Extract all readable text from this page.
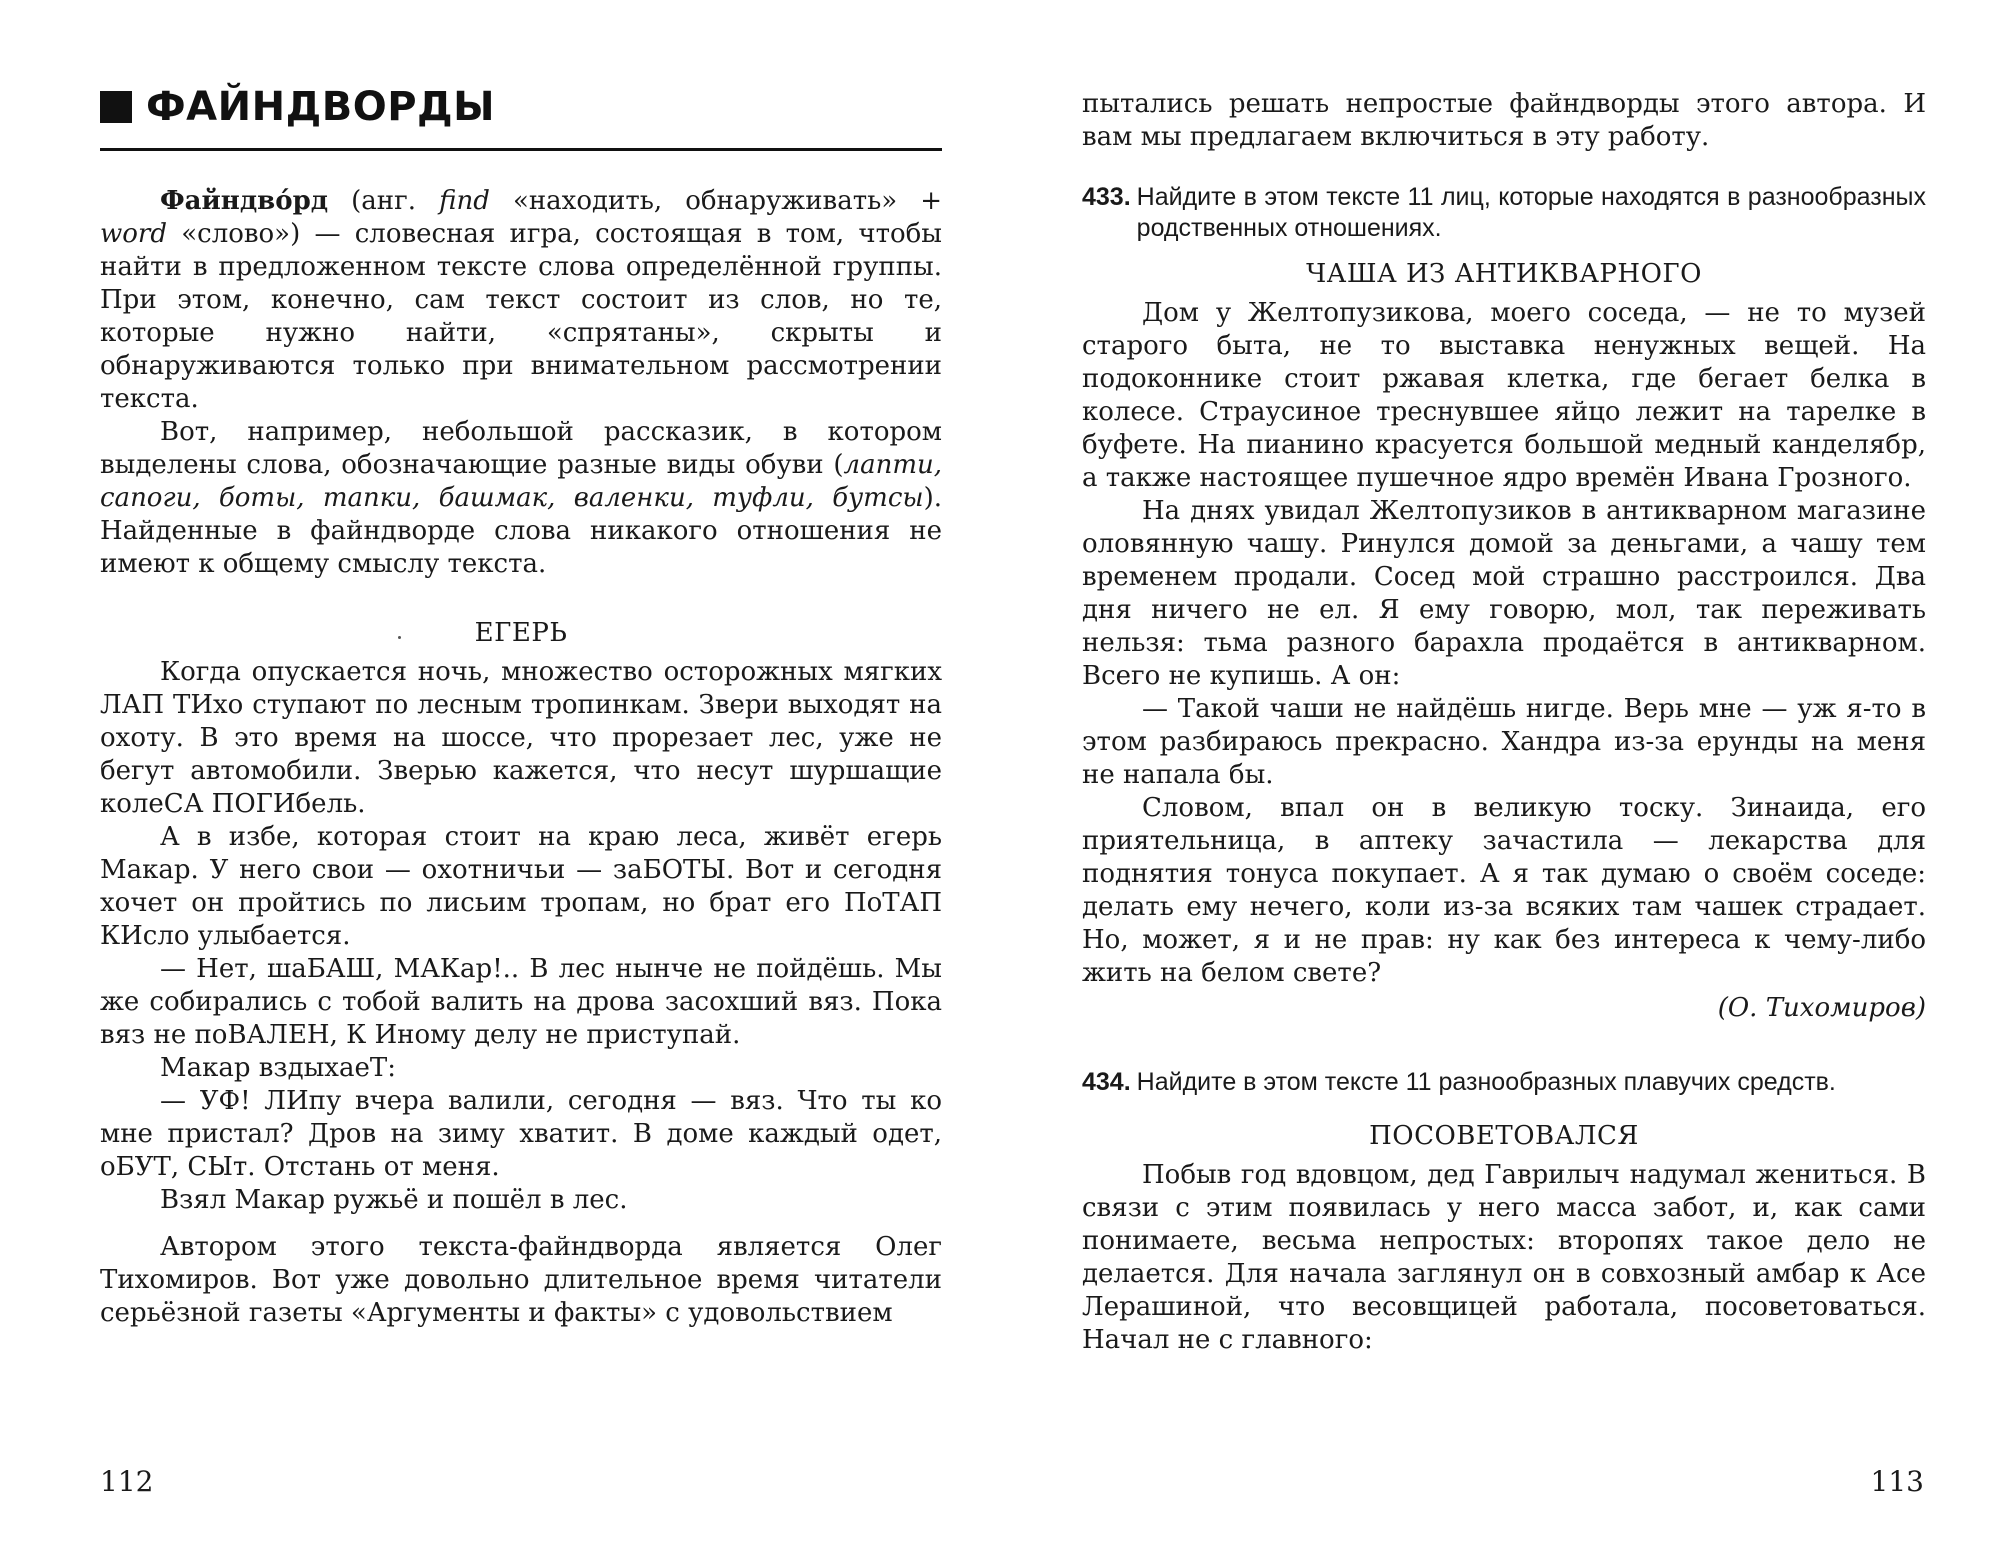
ФАЙНДВОРДЫ

Файндво́рд (анг. find «находить, обнаруживать» + word «слово») — словесная игра, состоящая в том, чтобы найти в предложенном тексте слова определённой группы. При этом, конечно, сам текст состоит из слов, но те, которые нужно найти, «спрятаны», скрыты и обнаруживаются только при внимательном рассмотрении текста.

Вот, например, небольшой рассказик, в котором выделены слова, обозначающие разные виды обуви (лапти, сапоги, боты, тапки, башмак, валенки, туфли, бутсы). Найденные в файндворде слова никакого отношения не имеют к общему смыслу текста.

ЕГЕРЬ

Когда опускается ночь, множество осторожных мягких ЛАП ТИхо ступают по лесным тропинкам. Звери выходят на охоту. В это время на шоссе, что прорезает лес, уже не бегут автомобили. Зверью кажется, что несут шуршащие колеСА ПОГИбель.

А в избе, которая стоит на краю леса, живёт егерь Макар. У него свои — охотничьи — заБОТЫ. Вот и сегодня хочет он пройтись по лисьим тропам, но брат его ПоТАП КИсло улыбается.

— Нет, шаБАШ, МАКар!.. В лес нынче не пойдёшь. Мы же собирались с тобой валить на дрова засохший вяз. Пока вяз не поВАЛЕН, К Иному делу не приступай.

Макар вздыхаеТ:

— УФ! ЛИпу вчера валили, сегодня — вяз. Что ты ко мне пристал? Дров на зиму хватит. В доме каждый одет, оБУТ, СЫт. Отстань от меня.

Взял Макар ружьё и пошёл в лес.

Автором этого текста-файндворда является Олег Тихомиров. Вот уже довольно длительное время читатели серьёзной газеты «Аргументы и факты» с удовольствием

112

пытались решать непростые файндворды этого автора. И вам мы предлагаем включиться в эту работу.

433. Найдите в этом тексте 11 лиц, которые находятся в разнообразных родственных отношениях.
ЧАША ИЗ АНТИКВАРНОГО

Дом у Желтопузикова, моего соседа, — не то музей старого быта, не то выставка ненужных вещей. На подоконнике стоит ржавая клетка, где бегает белка в колесе. Страусиное треснувшее яйцо лежит на тарелке в буфете. На пианино красуется большой медный канделябр, а также настоящее пушечное ядро времён Ивана Грозного.

На днях увидал Желтопузиков в антикварном магазине оловянную чашу. Ринулся домой за деньгами, а чашу тем временем продали. Сосед мой страшно расстроился. Два дня ничего не ел. Я ему говорю, мол, так переживать нельзя: тьма разного барахла продаётся в антикварном. Всего не купишь. А он:

— Такой чаши не найдёшь нигде. Верь мне — уж я-то в этом разбираюсь прекрасно. Хандра из-за ерунды на меня не напала бы.

Словом, впал он в великую тоску. Зинаида, его приятельница, в аптеку зачастила — лекарства для поднятия тонуса покупает. А я так думаю о своём соседе: делать ему нечего, коли из-за всяких там чашек страдает. Но, может, я и не прав: ну как без интереса к чему-либо жить на белом свете?

(О. Тихомиров)
434. Найдите в этом тексте 11 разнообразных плавучих средств.
ПОСОВЕТОВАЛСЯ

Побыв год вдовцом, дед Гаврилыч надумал жениться. В связи с этим появилась у него масса забот, и, как сами понимаете, весьма непростых: второпях такое дело не делается. Для начала заглянул он в совхозный амбар к Асе Лерашиной, что весовщицей работала, посоветоваться. Начал не с главного:

113
